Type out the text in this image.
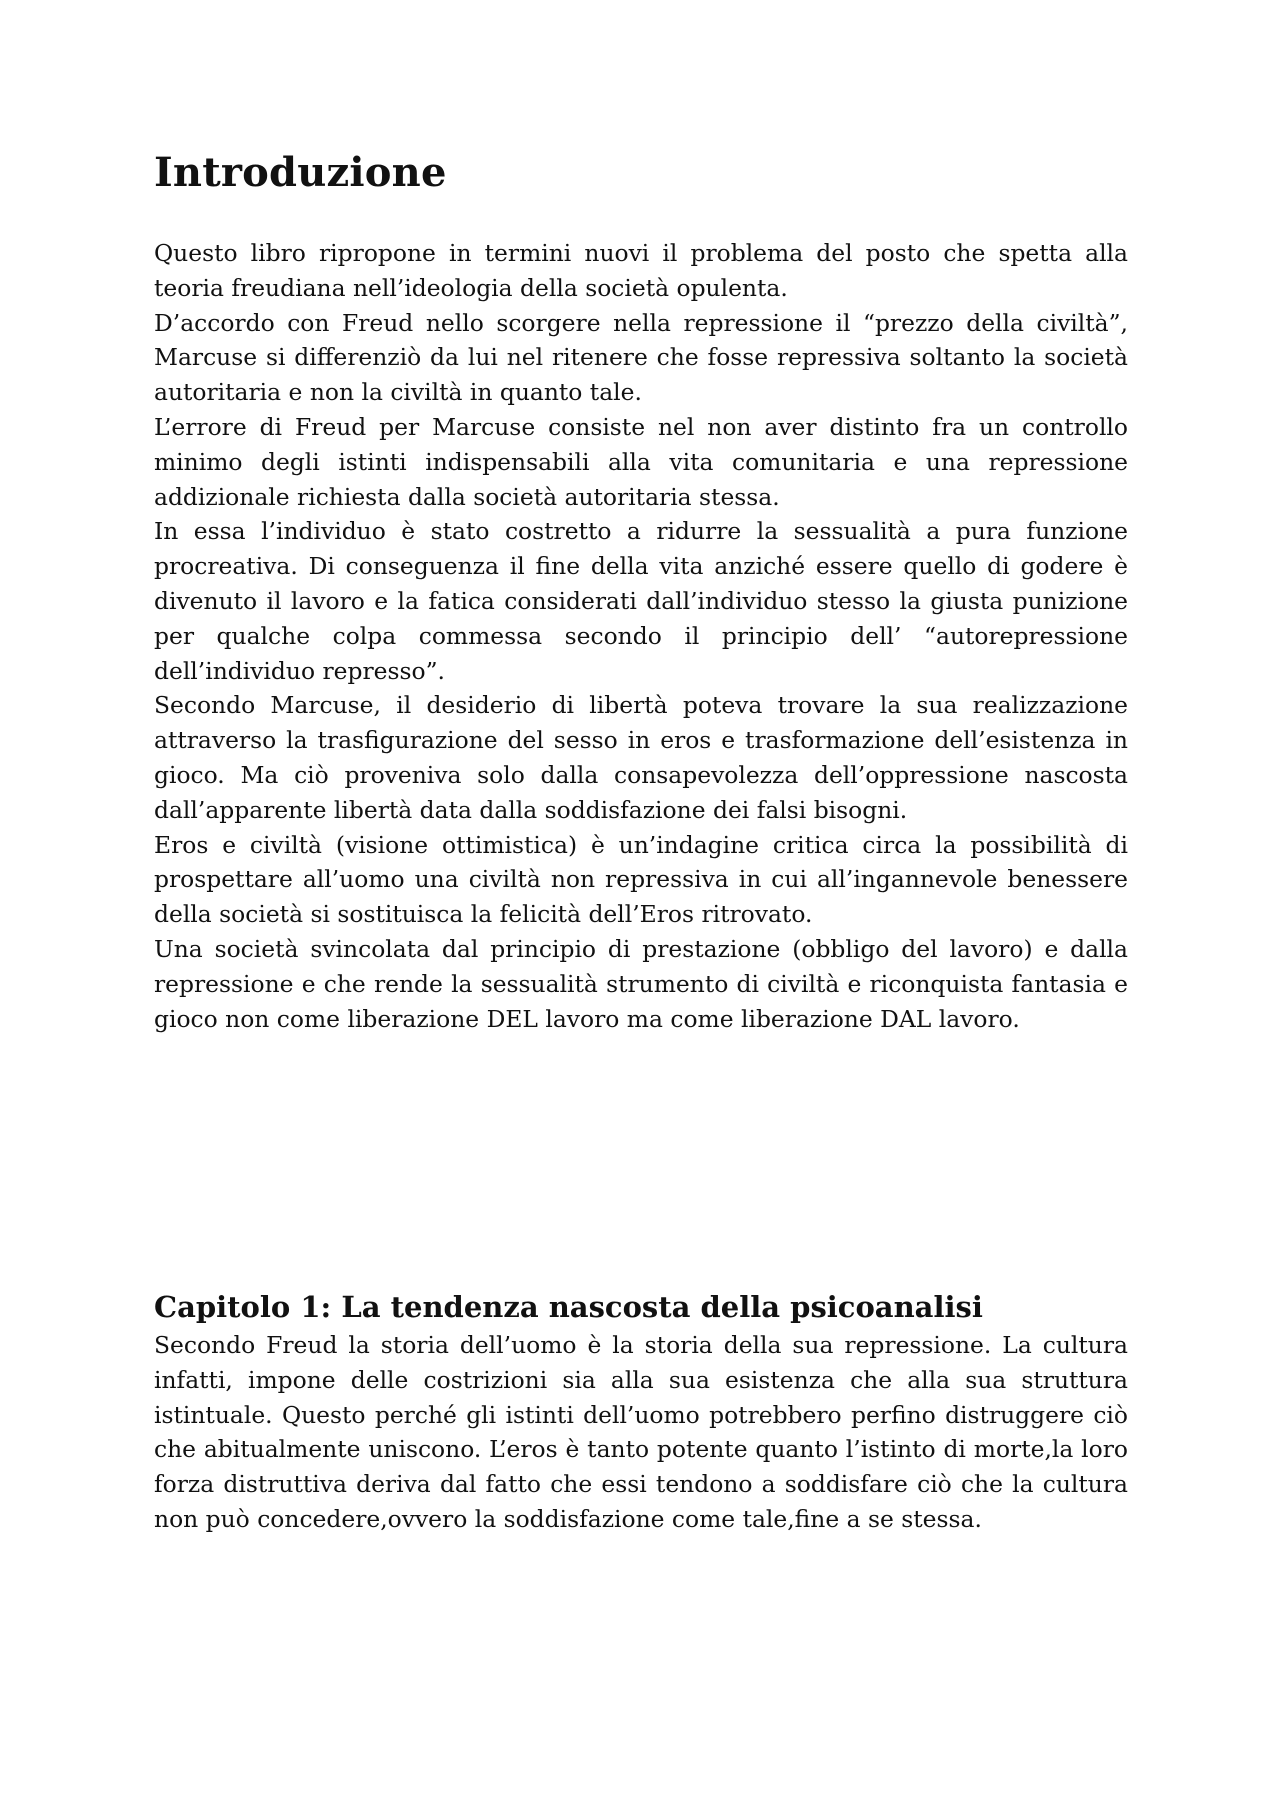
Introduzione

Questo libro ripropone in termini nuovi il problema del posto che spetta alla teoria freudiana nell’ideologia della società opulenta.

D’accordo con Freud nello scorgere nella repressione il “prezzo della civiltà”, Marcuse si differenziò da lui nel ritenere che fosse repressiva soltanto la società autoritaria e non la civiltà in quanto tale.

L’errore di Freud per Marcuse consiste nel non aver distinto fra un controllo minimo degli istinti indispensabili alla vita comunitaria e una repressione addizionale richiesta dalla società autoritaria stessa.

In essa l’individuo è stato costretto a ridurre la sessualità a pura funzione procreativa. Di conseguenza il fine della vita anziché essere quello di godere è divenuto il lavoro e la fatica considerati dall’individuo stesso la giusta punizione per qualche colpa commessa secondo il principio dell’ “autorepressione dell’individuo represso”.

Secondo Marcuse, il desiderio di libertà poteva trovare la sua realizzazione attraverso la trasfigurazione del sesso in eros e trasformazione dell’esistenza in gioco. Ma ciò proveniva solo dalla consapevolezza dell’oppressione nascosta dall’apparente libertà data dalla soddisfazione dei falsi bisogni.

Eros e civiltà (visione ottimistica) è un’indagine critica circa la possibilità di prospettare all’uomo una civiltà non repressiva in cui all’ingannevole benessere della società si sostituisca la felicità dell’Eros ritrovato.

Una società svincolata dal principio di prestazione (obbligo del lavoro) e dalla repressione e che rende la sessualità strumento di civiltà e riconquista fantasia e gioco non come liberazione DEL lavoro ma come liberazione DAL lavoro.

Capitolo 1: La tendenza nascosta della psicoanalisi

Secondo Freud la storia dell’uomo è la storia della sua repressione. La cultura infatti, impone delle costrizioni sia alla sua esistenza che alla sua struttura istintuale. Questo perché gli istinti dell’uomo potrebbero perfino distruggere ciò che abitualmente uniscono. L’eros è tanto potente quanto l’istinto di morte,la loro forza distruttiva deriva dal fatto che essi tendono a soddisfare ciò che la cultura non può concedere,ovvero la soddisfazione come tale,fine a se stessa.
